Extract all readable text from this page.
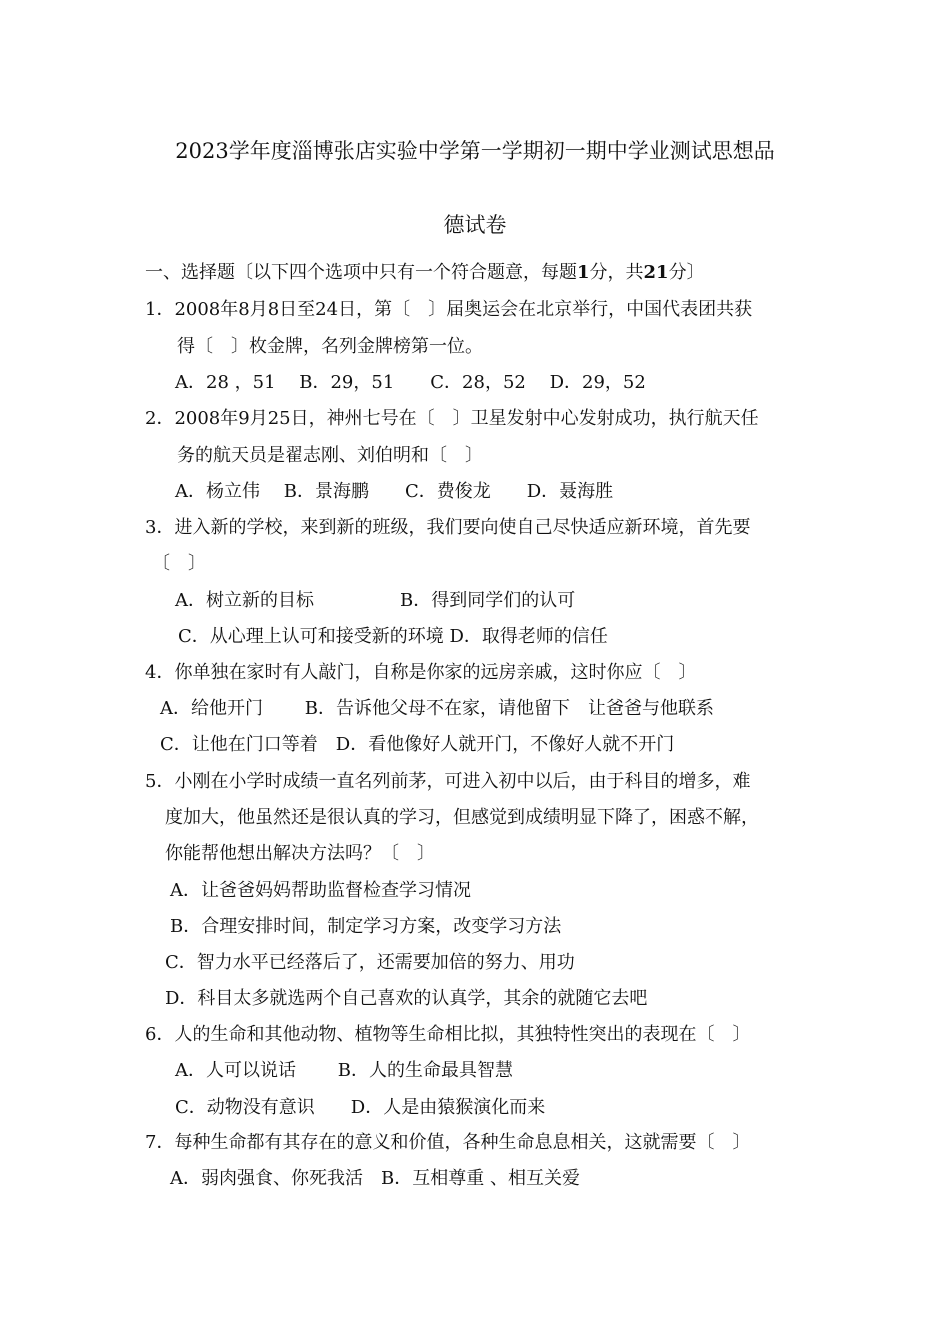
2023学年度淄博张店实验中学第一学期初一期中学业测试思想品
德试卷
一、选择题〔以下四个选项中只有一个符合题意，每题1分，共21分〕
1．2008年8月8日至24日，第〔　〕届奥运会在北京举行，中国代表团共获
得〔　〕枚金牌，名列金牌榜第一位。
A．28 ，51　 B．29，51　　C．28，52　 D．29，52
2．2008年9月25日，神州七号在〔　〕卫星发射中心发射成功，执行航天任
务的航天员是翟志刚、刘伯明和〔　〕
A．杨立伟　 B．景海鹏　　C．费俊龙　　D．聂海胜
3．进入新的学校，来到新的班级，我们要向使自己尽快适应新环境，首先要
〔　〕
A．树立新的目标	B．得到同学们的认可
C．从心理上认可和接受新的环境 D．取得老师的信任
4．你单独在家时有人敲门，自称是你家的远房亲戚，这时你应〔　〕
A．给他开门　　 B．告诉他父母不在家，请他留下　让爸爸与他联系
C．让他在门口等着　D．看他像好人就开门，不像好人就不开门
5．小刚在小学时成绩一直名列前茅，可进入初中以后，由于科目的增多，难
度加大，他虽然还是很认真的学习，但感觉到成绩明显下降了，困惑不解，
你能帮他想出解决方法吗？〔　〕
A．让爸爸妈妈帮助监督检查学习情况
B．合理安排时间，制定学习方案，改变学习方法
C．智力水平已经落后了，还需要加倍的努力、用功
D．科目太多就选两个自己喜欢的认真学，其余的就随它去吧
6．人的生命和其他动物、植物等生命相比拟，其独特性突出的表现在〔　〕
A．人可以说话　　 B．人的生命最具智慧
C．动物没有意识　　D．人是由猿猴演化而来
7．每种生命都有其存在的意义和价值，各种生命息息相关，这就需要〔　〕
A．弱肉强食、你死我活　B．互相尊重 、相互关爱
